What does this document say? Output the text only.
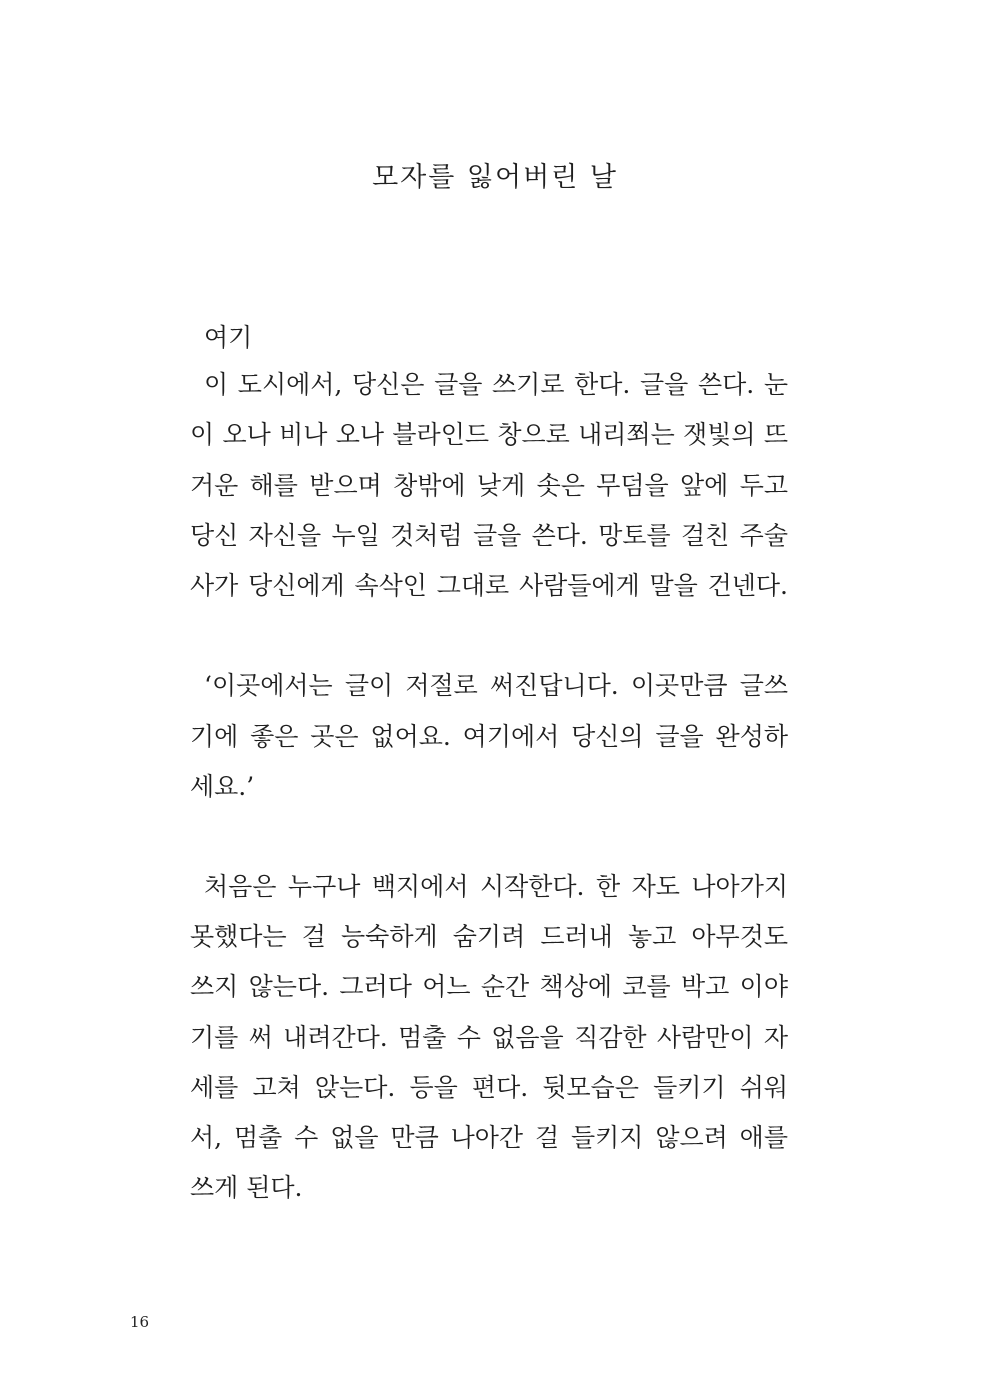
모자를 잃어버린 날
여기
이 도시에서, 당신은 글을 쓰기로 한다. 글을 쓴다. 눈
이 오나 비나 오나 블라인드 창으로 내리쬐는 잿빛의 뜨
거운 해를 받으며 창밖에 낮게 솟은 무덤을 앞에 두고
당신 자신을 누일 것처럼 글을 쓴다. 망토를 걸친 주술
사가 당신에게 속삭인 그대로 사람들에게 말을 건넨다.
‘이곳에서는 글이 저절로 써진답니다. 이곳만큼 글쓰
기에 좋은 곳은 없어요. 여기에서 당신의 글을 완성하
세요.’
처음은 누구나 백지에서 시작한다. 한 자도 나아가지
못했다는 걸 능숙하게 숨기려 드러내 놓고 아무것도
쓰지 않는다. 그러다 어느 순간 책상에 코를 박고 이야
기를 써 내려간다. 멈출 수 없음을 직감한 사람만이 자
세를 고쳐 앉는다. 등을 편다. 뒷모습은 들키기 쉬워
서, 멈출 수 없을 만큼 나아간 걸 들키지 않으려 애를
쓰게 된다.
16
